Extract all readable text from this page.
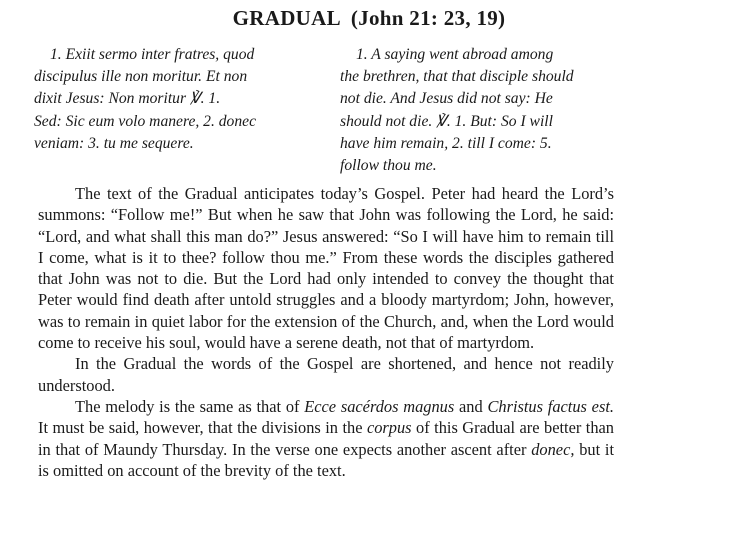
GRADUAL (John 21: 23, 19)
1. Exiit sermo inter fratres, quod
discipulus ille non moritur. Et non
dixit Jesus: Non moritur ℣. 1.
Sed: Sic eum volo manere, 2. donec
veniam: 3. tu me sequere.
1. A saying went abroad among
the brethren, that that disciple should
not die. And Jesus did not say: He
should not die. ℣. 1. But: So I will
have him remain, 2. till I come: 5.
follow thou me.

The text of the Gradual anticipates today’s Gospel. Peter had heard the Lord’s summons: “Follow me!” But when he saw that John was following the Lord, he said: “Lord, and what shall this man do?” Jesus answered: “So I will have him to remain till I come, what is it to thee? follow thou me.” From these words the disciples gathered that John was not to die. But the Lord had only intended to convey the thought that Peter would find death after untold struggles and a bloody martyrdom; John, however, was to remain in quiet labor for the extension of the Church, and, when the Lord would come to receive his soul, would have a serene death, not that of martyrdom.

In the Gradual the words of the Gospel are shortened, and hence not readily understood.

The melody is the same as that of Ecce sacérdos magnus and Christus factus est. It must be said, however, that the divisions in the corpus of this Gradual are better than in that of Maundy Thursday. In the verse one expects another ascent after donec, but it is omitted on account of the brevity of the text.
